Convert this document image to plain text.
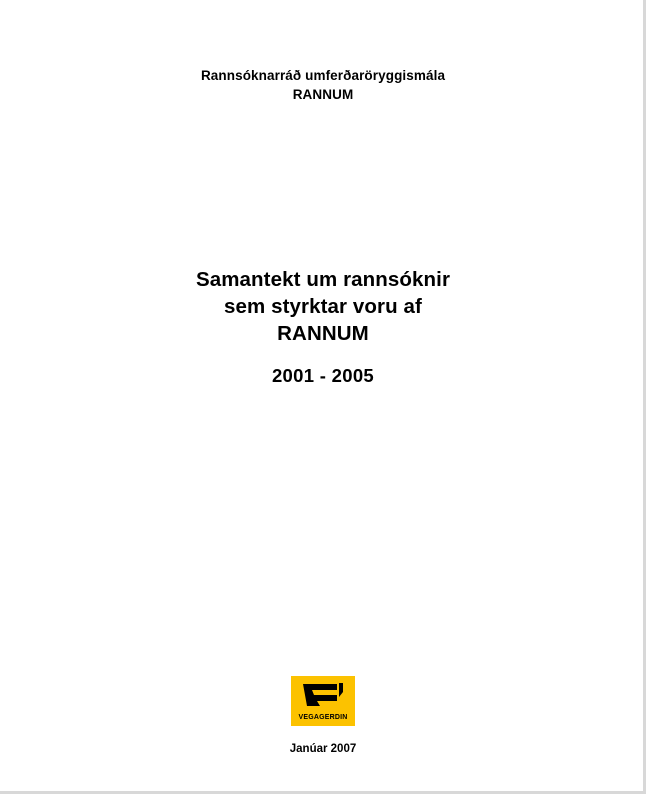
Rannsóknarráð umferðaröryggismála
RANNUM
Samantekt um rannsóknir
sem styrktar voru af
RANNUM
2001 - 2005
VEGAGERDIN
Janúar 2007
